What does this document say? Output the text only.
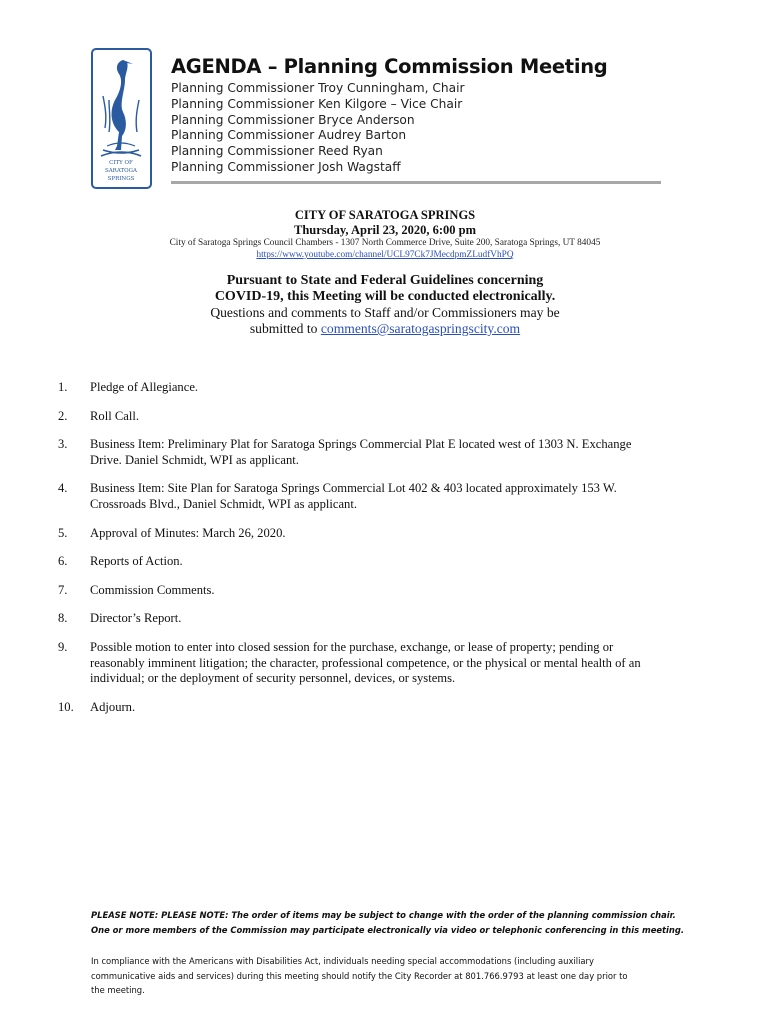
CITY OF
SARATOGA
SPRINGS
AGENDA – Planning Commission Meeting
Planning Commissioner Troy Cunningham, Chair
Planning Commissioner Ken Kilgore – Vice Chair
Planning Commissioner Bryce Anderson
Planning Commissioner Audrey Barton
Planning Commissioner Reed Ryan
Planning Commissioner Josh Wagstaff
CITY OF SARATOGA SPRINGS
Thursday, April 23, 2020, 6:00 pm
City of Saratoga Springs Council Chambers - 1307 North Commerce Drive, Suite 200, Saratoga Springs, UT 84045
https://www.youtube.com/channel/UCL97Ck7JMecdpmZLudfVhPQ
Pursuant to State and Federal Guidelines concerning
COVID-19, this Meeting will be conducted electronically.
Questions and comments to Staff and/or Commissioners may be
submitted to comments@saratogaspringscity.com
1. Pledge of Allegiance.
2. Roll Call.
3. Business Item: Preliminary Plat for Saratoga Springs Commercial Plat E located west of 1303 N. Exchange
Drive. Daniel Schmidt, WPI as applicant.
4. Business Item: Site Plan for Saratoga Springs Commercial Lot 402 & 403 located approximately 153 W.
Crossroads Blvd., Daniel Schmidt, WPI as applicant.
5. Approval of Minutes: March 26, 2020.
6. Reports of Action.
7. Commission Comments.
8. Director’s Report.
9. Possible motion to enter into closed session for the purchase, exchange, or lease of property; pending or
reasonably imminent litigation; the character, professional competence, or the physical or mental health of an
individual; or the deployment of security personnel, devices, or systems.
10. Adjourn.
PLEASE NOTE: PLEASE NOTE: The order of items may be subject to change with the order of the planning commission chair.
One or more members of the Commission may participate electronically via video or telephonic conferencing in this meeting.
In compliance with the Americans with Disabilities Act, individuals needing special accommodations (including auxiliary
communicative aids and services) during this meeting should notify the City Recorder at 801.766.9793 at least one day prior to
the meeting.
